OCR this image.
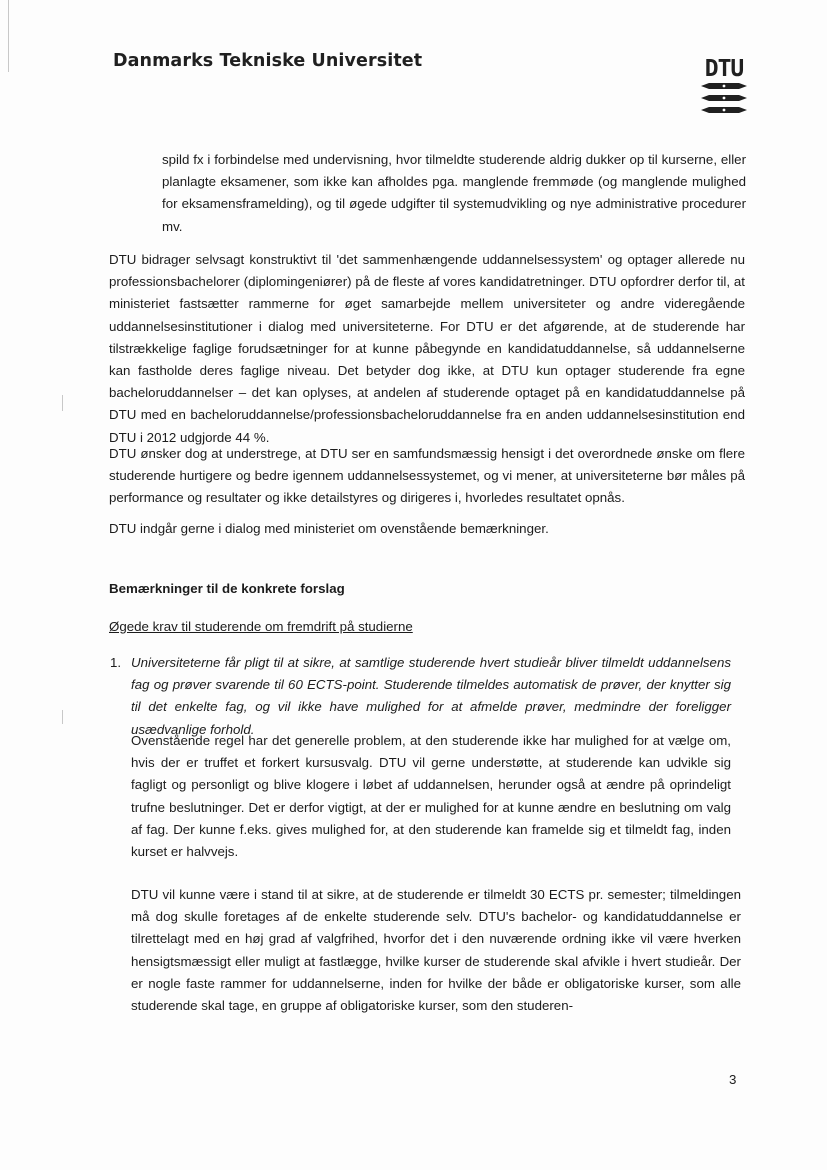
Danmarks Tekniske Universitet	DTU

spild fx i forbindelse med undervisning, hvor tilmeldte studerende aldrig dukker op til kurserne, eller planlagte eksamener, som ikke kan afholdes pga. manglende fremmøde (og manglende mulighed for eksamensframelding), og til øgede udgifter til systemudvikling og nye administrative procedurer mv.

DTU bidrager selvsagt konstruktivt til 'det sammenhængende uddannelsessystem' og optager allerede nu professionsbachelorer (diplomingeniører) på de fleste af vores kandidatretninger. DTU opfordrer derfor til, at ministeriet fastsætter rammerne for øget samarbejde mellem universiteter og andre videregående uddannelsesinstitutioner i dialog med universiteterne. For DTU er det afgørende, at de studerende har tilstrækkelige faglige forudsætninger for at kunne påbegynde en kandidatuddannelse, så uddannelserne kan fastholde deres faglige niveau. Det betyder dog ikke, at DTU kun optager studerende fra egne bacheloruddannelser – det kan oplyses, at andelen af studerende optaget på en kandidatuddannelse på DTU med en bacheloruddannelse/professionsbacheloruddannelse fra en anden uddannelsesinstitution end DTU i 2012 udgjorde 44 %.

DTU ønsker dog at understrege, at DTU ser en samfundsmæssig hensigt i det overordnede ønske om flere studerende hurtigere og bedre igennem uddannelsessystemet, og vi mener, at universiteterne bør måles på performance og resultater og ikke detailstyres og dirigeres i, hvorledes resultatet opnås.

DTU indgår gerne i dialog med ministeriet om ovenstående bemærkninger.

Bemærkninger til de konkrete forslag
Øgede krav til studerende om fremdrift på studierne
1. Universiteterne får pligt til at sikre, at samtlige studerende hvert studieår bliver tilmeldt uddannelsens fag og prøver svarende til 60 ECTS-point. Studerende tilmeldes automatisk de prøver, der knytter sig til det enkelte fag, og vil ikke have mulighed for at afmelde prøver, medmindre der foreligger usædvanlige forhold.

Ovenstående regel har det generelle problem, at den studerende ikke har mulighed for at vælge om, hvis der er truffet et forkert kursusvalg. DTU vil gerne understøtte, at studerende kan udvikle sig fagligt og personligt og blive klogere i løbet af uddannelsen, herunder også at ændre på oprindeligt trufne beslutninger. Det er derfor vigtigt, at der er mulighed for at kunne ændre en beslutning om valg af fag. Der kunne f.eks. gives mulighed for, at den studerende kan framelde sig et tilmeldt fag, inden kurset er halvvejs.

DTU vil kunne være i stand til at sikre, at de studerende er tilmeldt 30 ECTS pr. semester; tilmeldingen må dog skulle foretages af de enkelte studerende selv. DTU's bachelor- og kandidatuddannelse er tilrettelagt med en høj grad af valgfrihed, hvorfor det i den nuværende ordning ikke vil være hverken hensigtsmæssigt eller muligt at fastlægge, hvilke kurser de studerende skal afvikle i hvert studieår. Der er nogle faste rammer for uddannelserne, inden for hvilke der både er obligatoriske kurser, som alle studerende skal tage, en gruppe af obligatoriske kurser, som den studeren-

3
